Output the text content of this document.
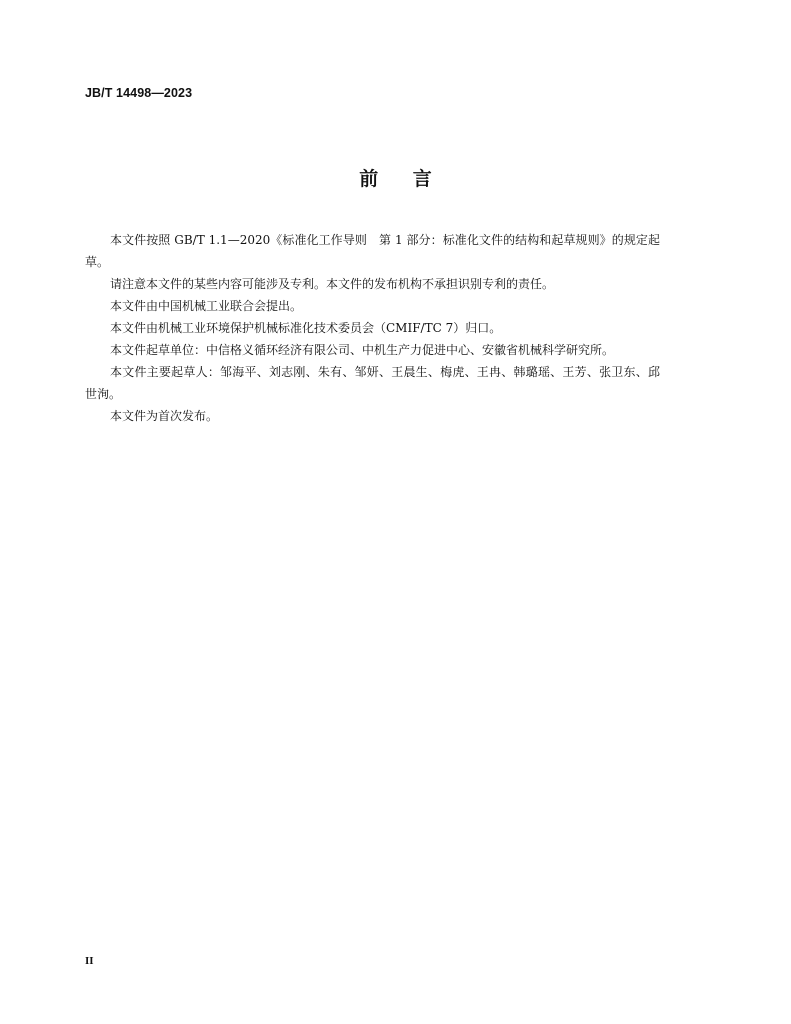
JB/T 14498—2023
前 言

本文件按照 GB/T 1.1—2020《标准化工作导则　第 1 部分：标准化文件的结构和起草规则》的规定起草。

请注意本文件的某些内容可能涉及专利。本文件的发布机构不承担识别专利的责任。

本文件由中国机械工业联合会提出。

本文件由机械工业环境保护机械标准化技术委员会（CMIF/TC 7）归口。

本文件起草单位：中信格义循环经济有限公司、中机生产力促进中心、安徽省机械科学研究所。

本文件主要起草人：邹海平、刘志刚、朱有、邹妍、王晨生、梅虎、王冉、韩璐瑶、王芳、张卫东、邱世洵。

本文件为首次发布。

II
